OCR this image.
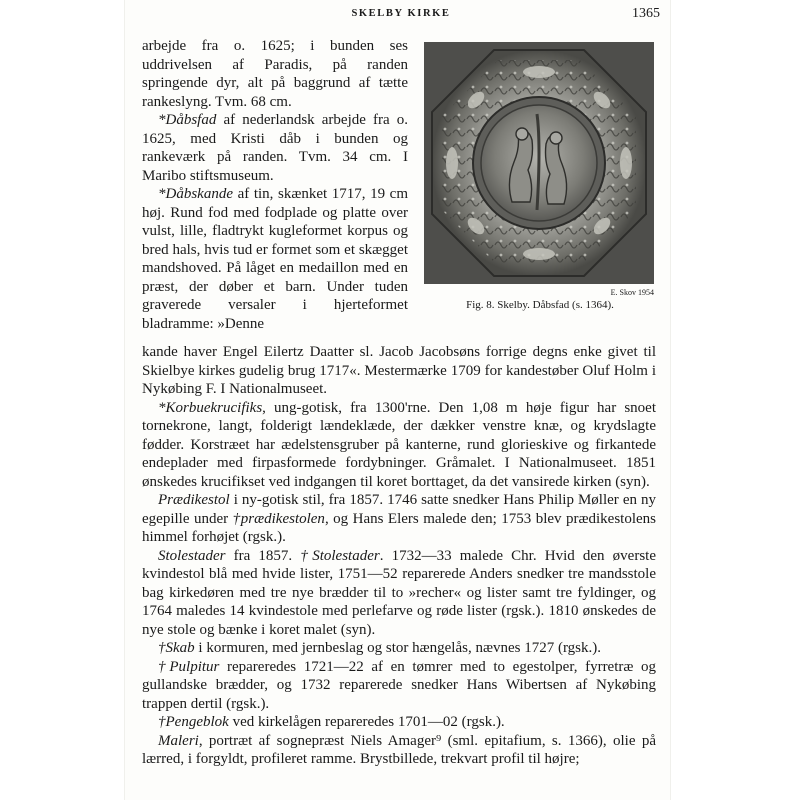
SKELBY KIRKE	1365
E. Skov 1954
Fig. 8. Skelby. Dåbsfad (s. 1364).

arbejde fra o. 1625; i bunden ses uddrivelsen af Paradis, på randen springende dyr, alt på baggrund af tætte rankeslyng. Tvm. 68 cm.

*Dåbsfad af nederlandsk arbejde fra o. 1625, med Kristi dåb i bunden og rankeværk på randen. Tvm. 34 cm. I Maribo stiftsmuseum.

*Dåbskande af tin, skænket 1717, 19 cm høj. Rund fod med fodplade og platte over vulst, lille, fladtrykt kugleformet korpus og bred hals, hvis tud er formet som et skægget mandshoved. På låget en medaillon med en præst, der døber et barn. Under tuden graverede versaler i hjerteformet bladramme: »Denne

kande haver Engel Eilertz Daatter sl. Jacob Jacobsøns forrige degns enke givet til Skielbye kirkes gudelig brug 1717«. Mestermærke 1709 for kandestøber Oluf Holm i Nykøbing F. I Nationalmuseet.

*Korbuekrucifiks, ung-gotisk, fra 1300'rne. Den 1,08 m høje figur har snoet tornekrone, langt, folderigt lændeklæde, der dækker venstre knæ, og krydslagte fødder. Korstræet har ædelstensgruber på kanterne, rund glorieskive og firkantede endeplader med firpasformede fordybninger. Gråmalet. I Nationalmuseet. 1851 ønskedes krucifikset ved indgangen til koret borttaget, da det vansirede kirken (syn).

Prædikestol i ny-gotisk stil, fra 1857. 1746 satte snedker Hans Philip Møller en ny egepille under †prædikestolen, og Hans Elers malede den; 1753 blev prædikestolens himmel forhøjet (rgsk.).

Stolestader fra 1857. †Stolestader. 1732—33 malede Chr. Hvid den øverste kvindestol blå med hvide lister, 1751—52 reparerede Anders snedker tre mandsstole bag kirkedøren med tre nye brædder til to »recher« og lister samt tre fyldinger, og 1764 maledes 14 kvindestole med perlefarve og røde lister (rgsk.). 1810 ønskedes de nye stole og bænke i koret malet (syn).

†Skab i kormuren, med jernbeslag og stor hængelås, nævnes 1727 (rgsk.).

†Pulpitur repareredes 1721—22 af en tømrer med to egestolper, fyrretræ og gullandske brædder, og 1732 reparerede snedker Hans Wibertsen af Nykøbing trappen dertil (rgsk.).

†Pengeblok ved kirkelågen repareredes 1701—02 (rgsk.).

Maleri, portræt af sognepræst Niels Amager⁹ (sml. epitafium, s. 1366), olie på lærred, i forgyldt, profileret ramme. Brystbillede, trekvart profil til højre;
